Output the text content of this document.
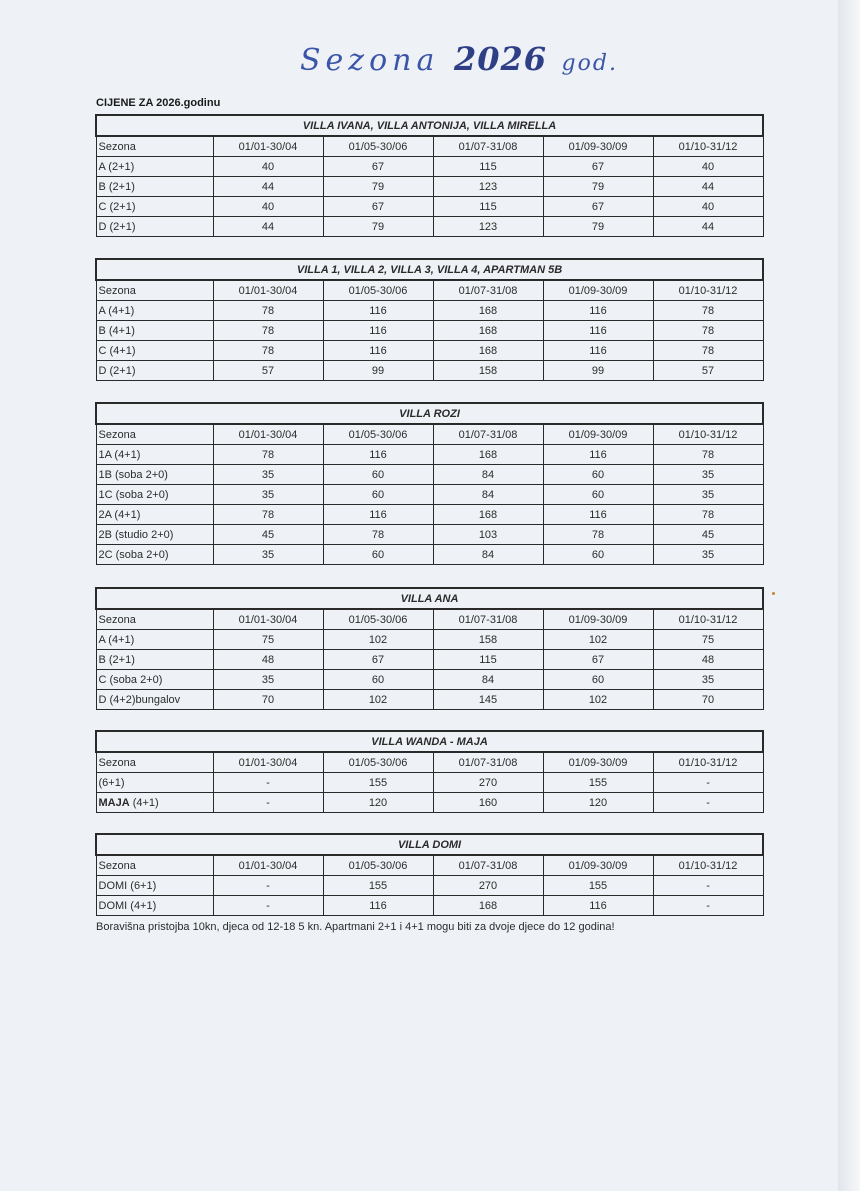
Sezona 2026 god.
CIJENE ZA 2026.godinu
VILLA IVANA, VILLA ANTONIJA, VILLA MIRELLA					
Sezona	01/01-30/04	01/05-30/06	01/07-31/08	01/09-30/09	01/10-31/12
A (2+1)	40	67	115	67	40
B (2+1)	44	79	123	79	44
C (2+1)	40	67	115	67	40
D (2+1)	44	79	123	79	44
VILLA 1, VILLA 2, VILLA 3, VILLA 4, APARTMAN 5B					
Sezona	01/01-30/04	01/05-30/06	01/07-31/08	01/09-30/09	01/10-31/12
A (4+1)	78	116	168	116	78
B (4+1)	78	116	168	116	78
C (4+1)	78	116	168	116	78
D (2+1)	57	99	158	99	57
VILLA ROZI					
Sezona	01/01-30/04	01/05-30/06	01/07-31/08	01/09-30/09	01/10-31/12
1A (4+1)	78	116	168	116	78
1B (soba 2+0)	35	60	84	60	35
1C (soba 2+0)	35	60	84	60	35
2A (4+1)	78	116	168	116	78
2B (studio 2+0)	45	78	103	78	45
2C (soba 2+0)	35	60	84	60	35
VILLA ANA					
Sezona	01/01-30/04	01/05-30/06	01/07-31/08	01/09-30/09	01/10-31/12
A (4+1)	75	102	158	102	75
B (2+1)	48	67	115	67	48
C (soba 2+0)	35	60	84	60	35
D (4+2)bungalov	70	102	145	102	70
VILLA WANDA - MAJA					
Sezona	01/01-30/04	01/05-30/06	01/07-31/08	01/09-30/09	01/10-31/12
(6+1)	-	155	270	155	-
MAJA (4+1)	-	120	160	120	-
VILLA DOMI					
Sezona	01/01-30/04	01/05-30/06	01/07-31/08	01/09-30/09	01/10-31/12
DOMI (6+1)	-	155	270	155	-
DOMI (4+1)	-	116	168	116	-
Boravišna pristojba 10kn, djeca od 12-18 5 kn. Apartmani 2+1 i 4+1 mogu biti za dvoje djece do 12 godina!
